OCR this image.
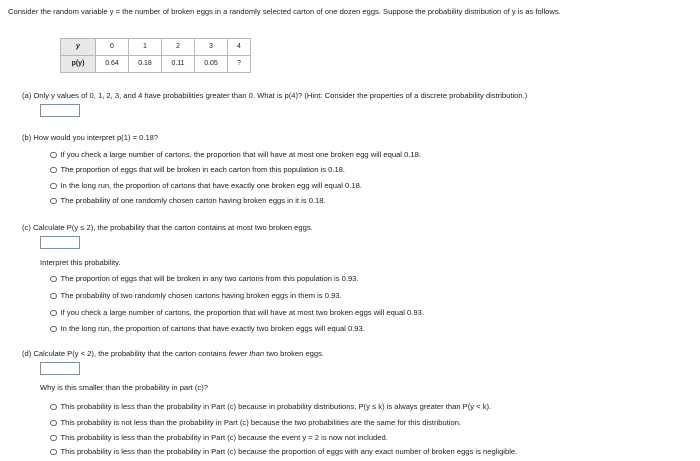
Consider the random variable y = the number of broken eggs in a randomly selected carton of one dozen eggs. Suppose the probability distribution of y is as follows.
y	0	1	2	3	4
p(y)	0.64	0.18	0.11	0.05	?
(a) Only y values of 0, 1, 2, 3, and 4 have probabilities greater than 0. What is p(4)? (Hint: Consider the properties of a discrete probability distribution.)
(b) How would you interpret p(1) = 0.18?
If you check a large number of cartons, the proportion that will have at most one broken egg will equal 0.18.
The proportion of eggs that will be broken in each carton from this population is 0.18.
In the long run, the proportion of cartons that have exactly one broken egg will equal 0.18.
The probability of one randomly chosen carton having broken eggs in it is 0.18.
(c) Calculate P(y ≤ 2), the probability that the carton contains at most two broken eggs.
Interpret this probability.
The proportion of eggs that will be broken in any two cartons from this population is 0.93.
The probability of two randomly chosen cartons having broken eggs in them is 0.93.
If you check a large number of cartons, the proportion that will have at most two broken eggs will equal 0.93.
In the long run, the proportion of cartons that have exactly two broken eggs will equal 0.93.
(d) Calculate P(y < 2), the probability that the carton contains fewer than two broken eggs.
Why is this smaller than the probability in part (c)?
This probability is less than the probability in Part (c) because in probability distributions, P(y ≤ k) is always greater than P(y < k).
This probability is not less than the probability in Part (c) because the two probabilities are the same for this distribution.
This probability is less than the probability in Part (c) because the event y = 2 is now not included.
This probability is less than the probability in Part (c) because the proportion of eggs with any exact number of broken eggs is negligible.
